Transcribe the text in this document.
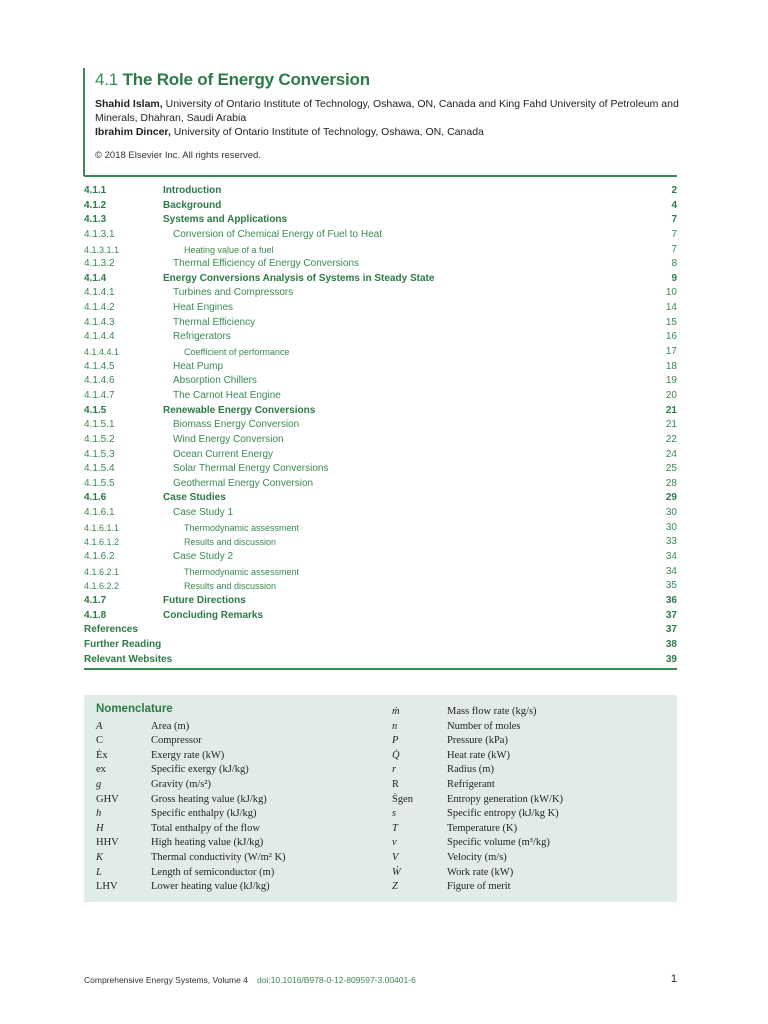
4.1 The Role of Energy Conversion
Shahid Islam, University of Ontario Institute of Technology, Oshawa, ON, Canada and King Fahd University of Petroleum and Minerals, Dhahran, Saudi Arabia
Ibrahim Dincer, University of Ontario Institute of Technology, Oshawa, ON, Canada
© 2018 Elsevier Inc. All rights reserved.
4.1.1	Introduction	2
4.1.2	Background	4
4.1.3	Systems and Applications	7
4.1.3.1	Conversion of Chemical Energy of Fuel to Heat	7
4.1.3.1.1	Heating value of a fuel	7
4.1.3.2	Thermal Efficiency of Energy Conversions	8
4.1.4	Energy Conversions Analysis of Systems in Steady State	9
4.1.4.1	Turbines and Compressors	10
4.1.4.2	Heat Engines	14
4.1.4.3	Thermal Efficiency	15
4.1.4.4	Refrigerators	16
4.1.4.4.1	Coefficient of performance	17
4.1.4.5	Heat Pump	18
4.1.4.6	Absorption Chillers	19
4.1.4.7	The Carnot Heat Engine	20
4.1.5	Renewable Energy Conversions	21
4.1.5.1	Biomass Energy Conversion	21
4.1.5.2	Wind Energy Conversion	22
4.1.5.3	Ocean Current Energy	24
4.1.5.4	Solar Thermal Energy Conversions	25
4.1.5.5	Geothermal Energy Conversion	28
4.1.6	Case Studies	29
4.1.6.1	Case Study 1	30
4.1.6.1.1	Thermodynamic assessment	30
4.1.6.1.2	Results and discussion	33
4.1.6.2	Case Study 2	34
4.1.6.2.1	Thermodynamic assessment	34
4.1.6.2.2	Results and discussion	35
4.1.7	Future Directions	36
4.1.8	Concluding Remarks	37
References	37
Further Reading	38
Relevant Websites	39
Nomenclature
A	Area (m)
C	Compressor
Ėx	Exergy rate (kW)
ex	Specific exergy (kJ/kg)
g	Gravity (m/s²)
GHV	Gross heating value (kJ/kg)
h	Specific enthalpy (kJ/kg)
H	Total enthalpy of the flow
HHV	High heating value (kJ/kg)
K	Thermal conductivity (W/m² K)
L	Length of semiconductor (m)
LHV	Lower heating value (kJ/kg)
ṁ	Mass flow rate (kg/s)
n	Number of moles
P	Pressure (kPa)
Q̇	Heat rate (kW)
r	Radius (m)
R	Refrigerant
Ṡgen	Entropy generation (kW/K)
s	Specific entropy (kJ/kg K)
T	Temperature (K)
v	Specific volume (m³/kg)
V	Velocity (m/s)
Ẇ	Work rate (kW)
Z	Figure of merit
Comprehensive Energy Systems, Volume 4 doi:10.1016/B978-0-12-809597-3.00401-6	1
